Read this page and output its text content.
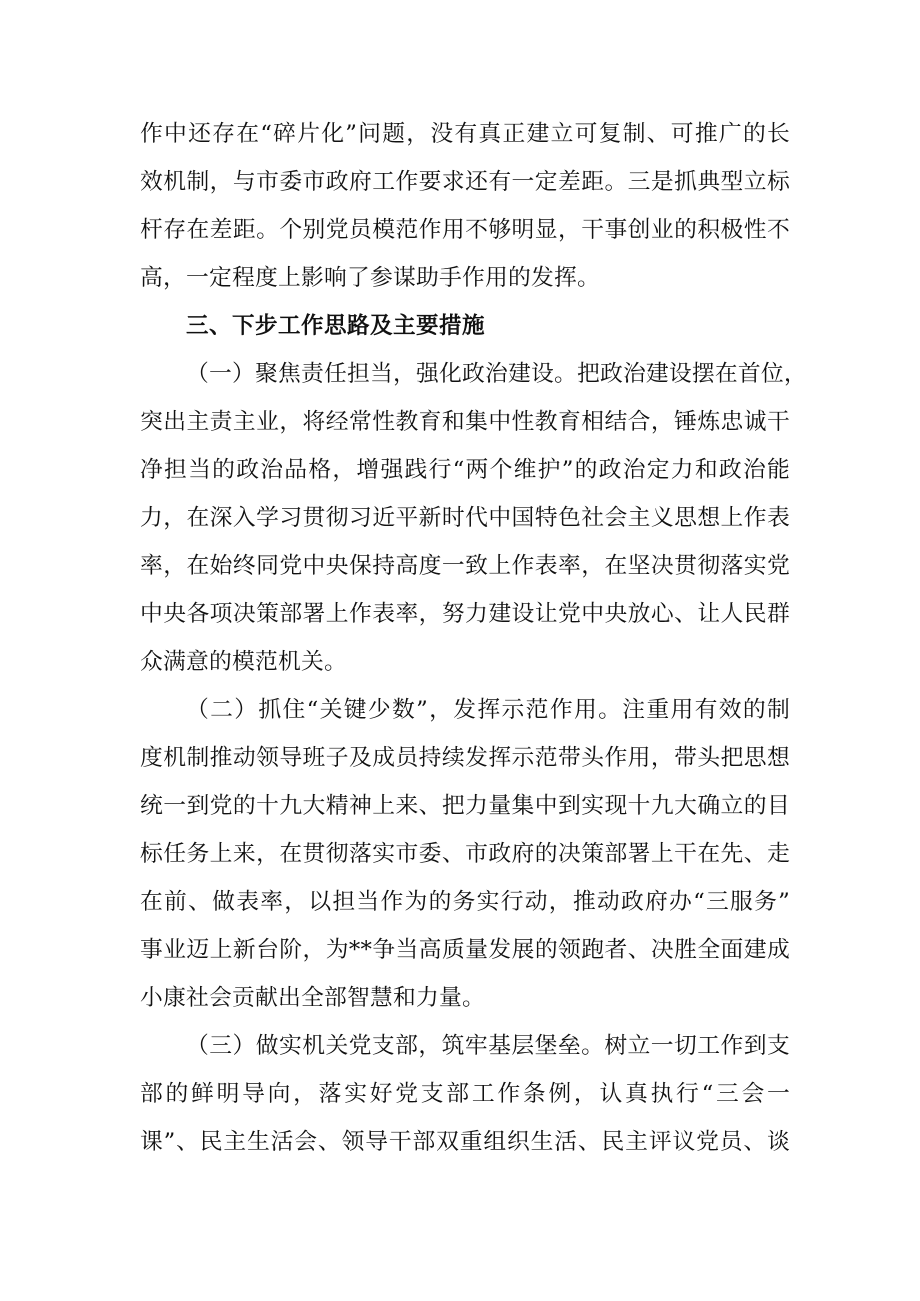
作中还存在“碎片化”问题，没有真正建立可复制、可推广的长
效机制，与市委市政府工作要求还有一定差距。三是抓典型立标
杆存在差距。个别党员模范作用不够明显，干事创业的积极性不
高，一定程度上影响了参谋助手作用的发挥。
三、下步工作思路及主要措施
（一）聚焦责任担当，强化政治建设。把政治建设摆在首位，
突出主责主业，将经常性教育和集中性教育相结合，锤炼忠诚干
净担当的政治品格，增强践行“两个维护”的政治定力和政治能
力，在深入学习贯彻习近平新时代中国特色社会主义思想上作表
率，在始终同党中央保持高度一致上作表率，在坚决贯彻落实党
中央各项决策部署上作表率，努力建设让党中央放心、让人民群
众满意的模范机关。
（二）抓住“关键少数”，发挥示范作用。注重用有效的制
度机制推动领导班子及成员持续发挥示范带头作用，带头把思想
统一到党的十九大精神上来、把力量集中到实现十九大确立的目
标任务上来，在贯彻落实市委、市政府的决策部署上干在先、走
在前、做表率，以担当作为的务实行动，推动政府办“三服务”
事业迈上新台阶，为**争当高质量发展的领跑者、决胜全面建成
小康社会贡献出全部智慧和力量。
（三）做实机关党支部，筑牢基层堡垒。树立一切工作到支
部的鲜明导向，落实好党支部工作条例，认真执行“三会一
课”、民主生活会、领导干部双重组织生活、民主评议党员、谈
